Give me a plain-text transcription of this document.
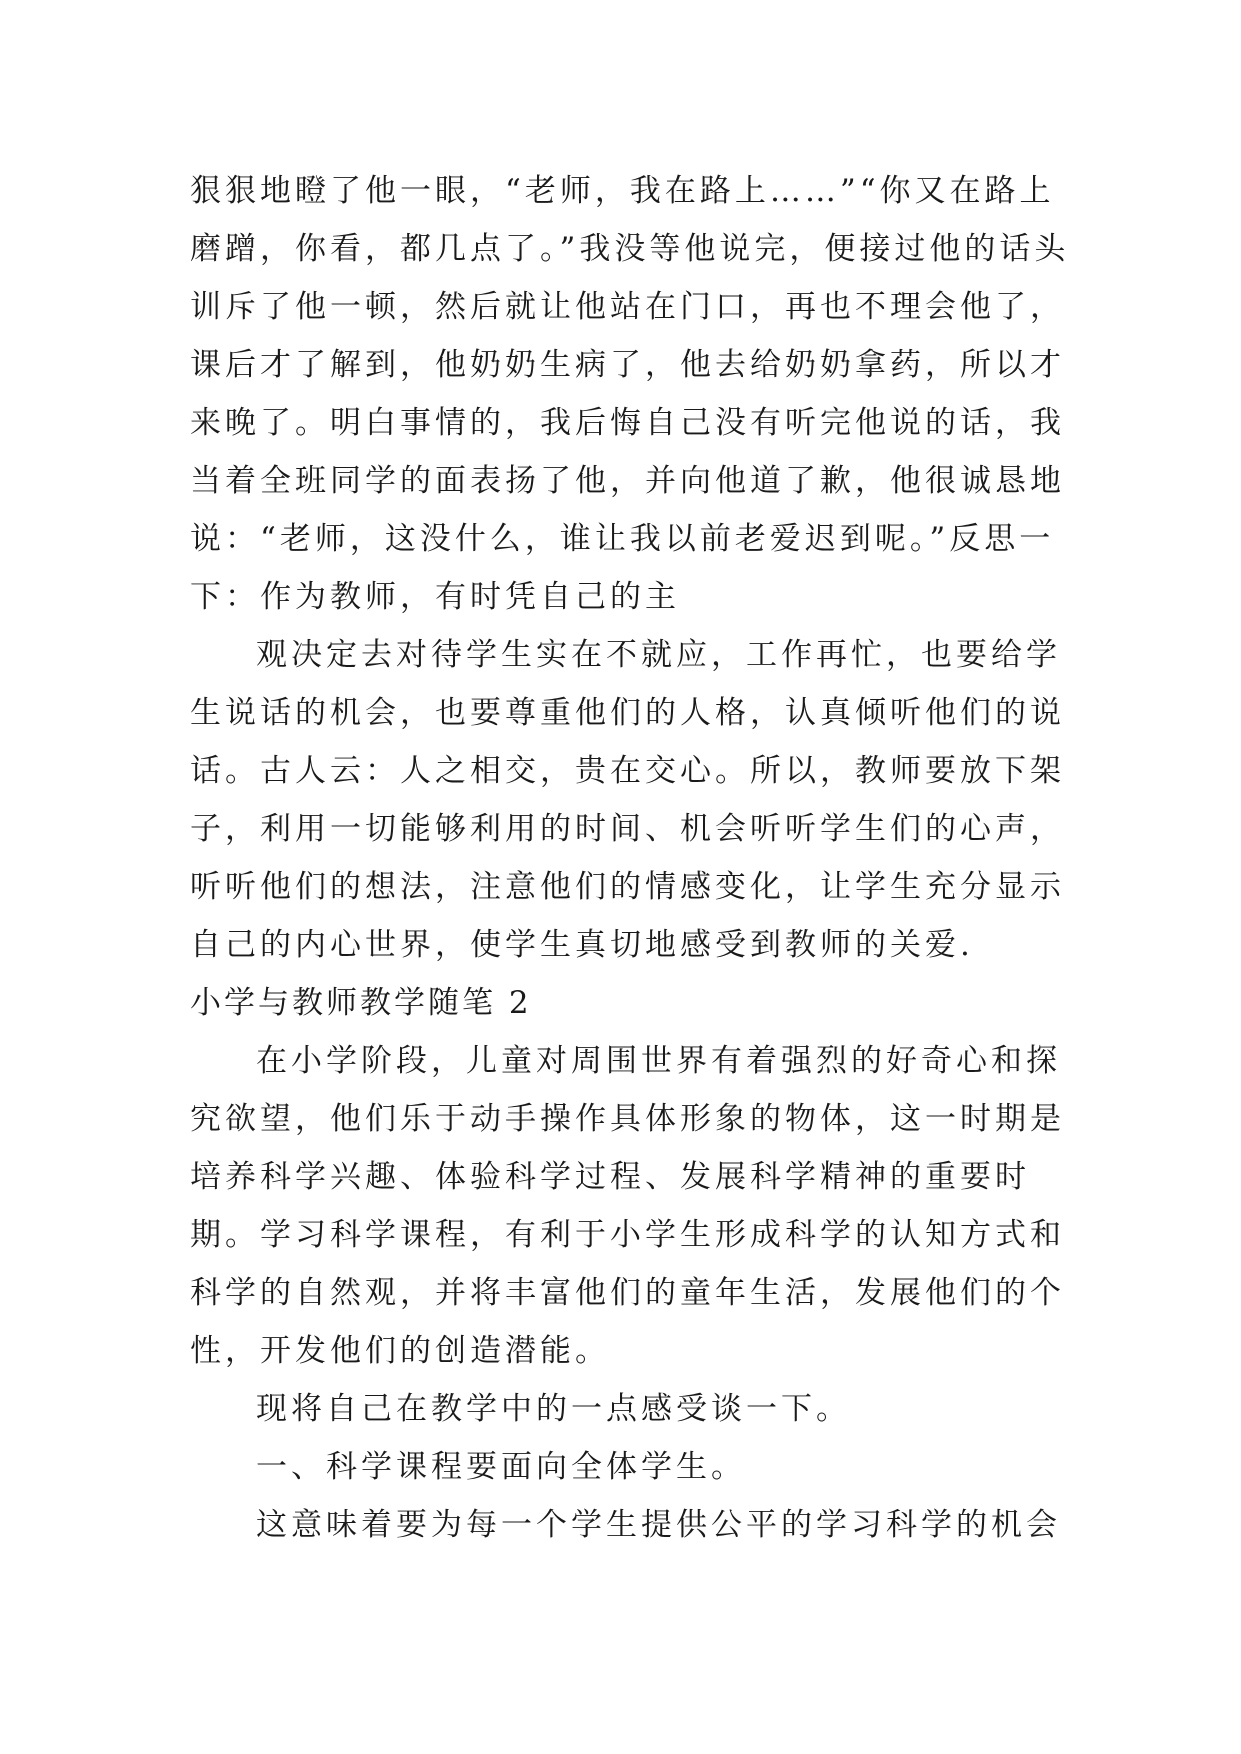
狠狠地瞪了他一眼，“老师，我在路上……”“你又在路上磨蹭，你看，都几点了。”我没等他说完，便接过他的话头训斥了他一顿，然后就让他站在门口，再也不理会他了，课后才了解到，他奶奶生病了，他去给奶奶拿药，所以才来晚了。明白事情的，我后悔自己没有听完他说的话，我当着全班同学的面表扬了他，并向他道了歉，他很诚恳地说：“老师，这没什么，谁让我以前老爱迟到呢。”反思一下：作为教师，有时凭自己的主

观决定去对待学生实在不就应，工作再忙，也要给学生说话的机会，也要尊重他们的人格，认真倾听他们的说话。古人云：人之相交，贵在交心。所以，教师要放下架子，利用一切能够利用的时间、机会听听学生们的心声，听听他们的想法，注意他们的情感变化，让学生充分显示自己的内心世界，使学生真切地感受到教师的关爱.

小学与教师教学随笔 2

在小学阶段，儿童对周围世界有着强烈的好奇心和探究欲望，他们乐于动手操作具体形象的物体，这一时期是培养科学兴趣、体验科学过程、发展科学精神的重要时期。学习科学课程，有利于小学生形成科学的认知方式和科学的自然观，并将丰富他们的童年生活，发展他们的个性，开发他们的创造潜能。

现将自己在教学中的一点感受谈一下。

一、科学课程要面向全体学生。

这意味着要为每一个学生提供公平的学习科学的机会
